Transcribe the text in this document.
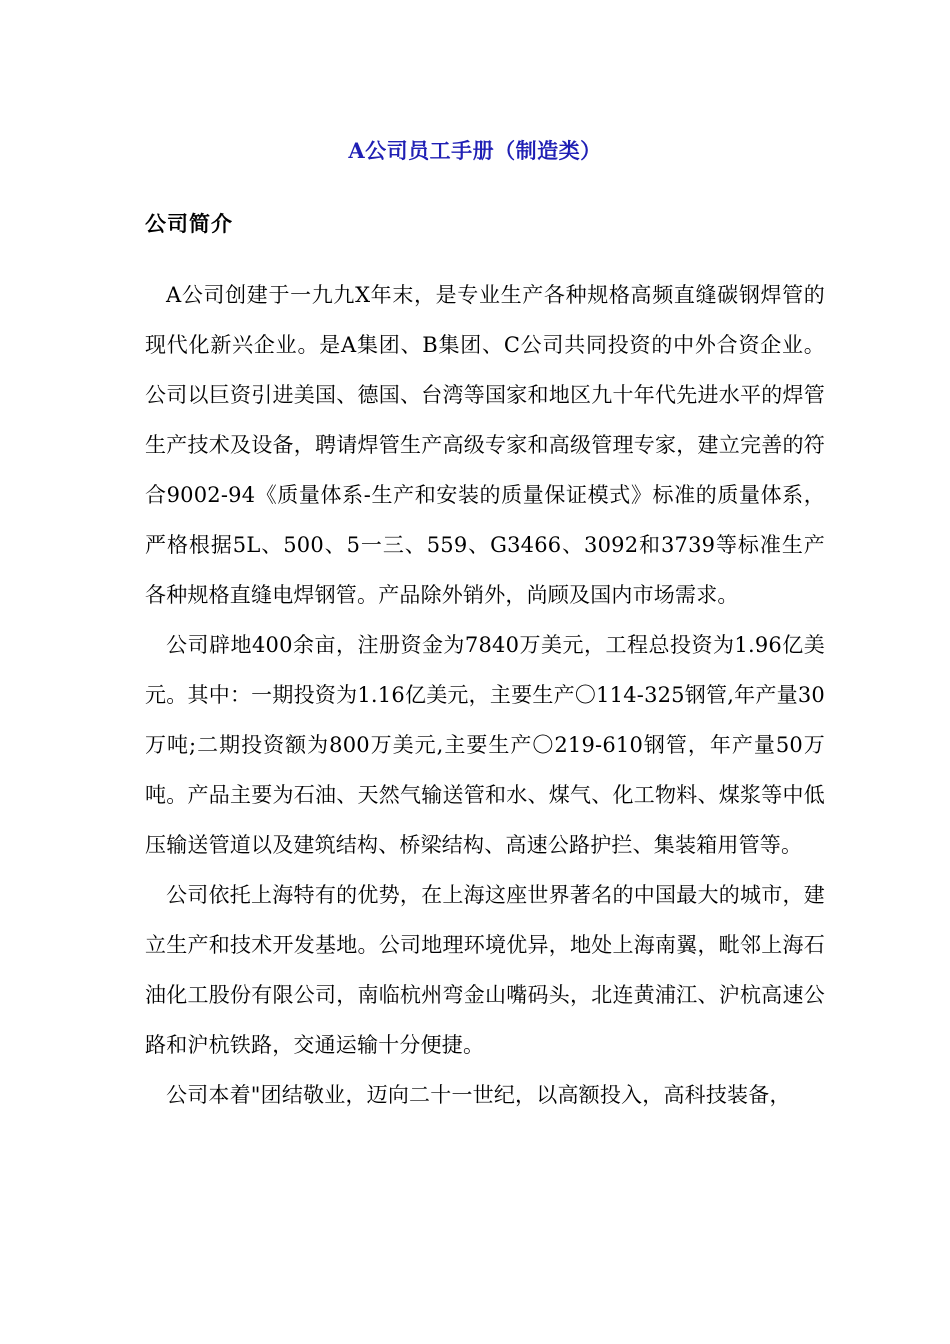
A公司员工手册（制造类）
公司简介

A公司创建于一九九X年末，是专业生产各种规格高频直缝碳钢焊管的现代化新兴企业。是A集团、B集团、C公司共同投资的中外合资企业。公司以巨资引进美国、德国、台湾等国家和地区九十年代先进水平的焊管生产技术及设备，聘请焊管生产高级专家和高级管理专家，建立完善的符合9002-94《质量体系-生产和安装的质量保证模式》标准的质量体系，严格根据5L、500、5一三、559、G3466、3092和3739等标准生产各种规格直缝电焊钢管。产品除外销外，尚顾及国内市场需求。

公司辟地400余亩，注册资金为7840万美元，工程总投资为1.96亿美元。其中：一期投资为1.16亿美元，主要生产〇114-325钢管,年产量30万吨;二期投资额为800万美元,主要生产〇219-610钢管，年产量50万吨。产品主要为石油、天然气输送管和水、煤气、化工物料、煤浆等中低压输送管道以及建筑结构、桥梁结构、高速公路护拦、集装箱用管等。

公司依托上海特有的优势，在上海这座世界著名的中国最大的城市，建立生产和技术开发基地。公司地理环境优异，地处上海南翼，毗邻上海石油化工股份有限公司，南临杭州弯金山嘴码头，北连黄浦江、沪杭高速公路和沪杭铁路，交通运输十分便捷。

公司本着"团结敬业，迈向二十一世纪，以高额投入，高科技装备，
